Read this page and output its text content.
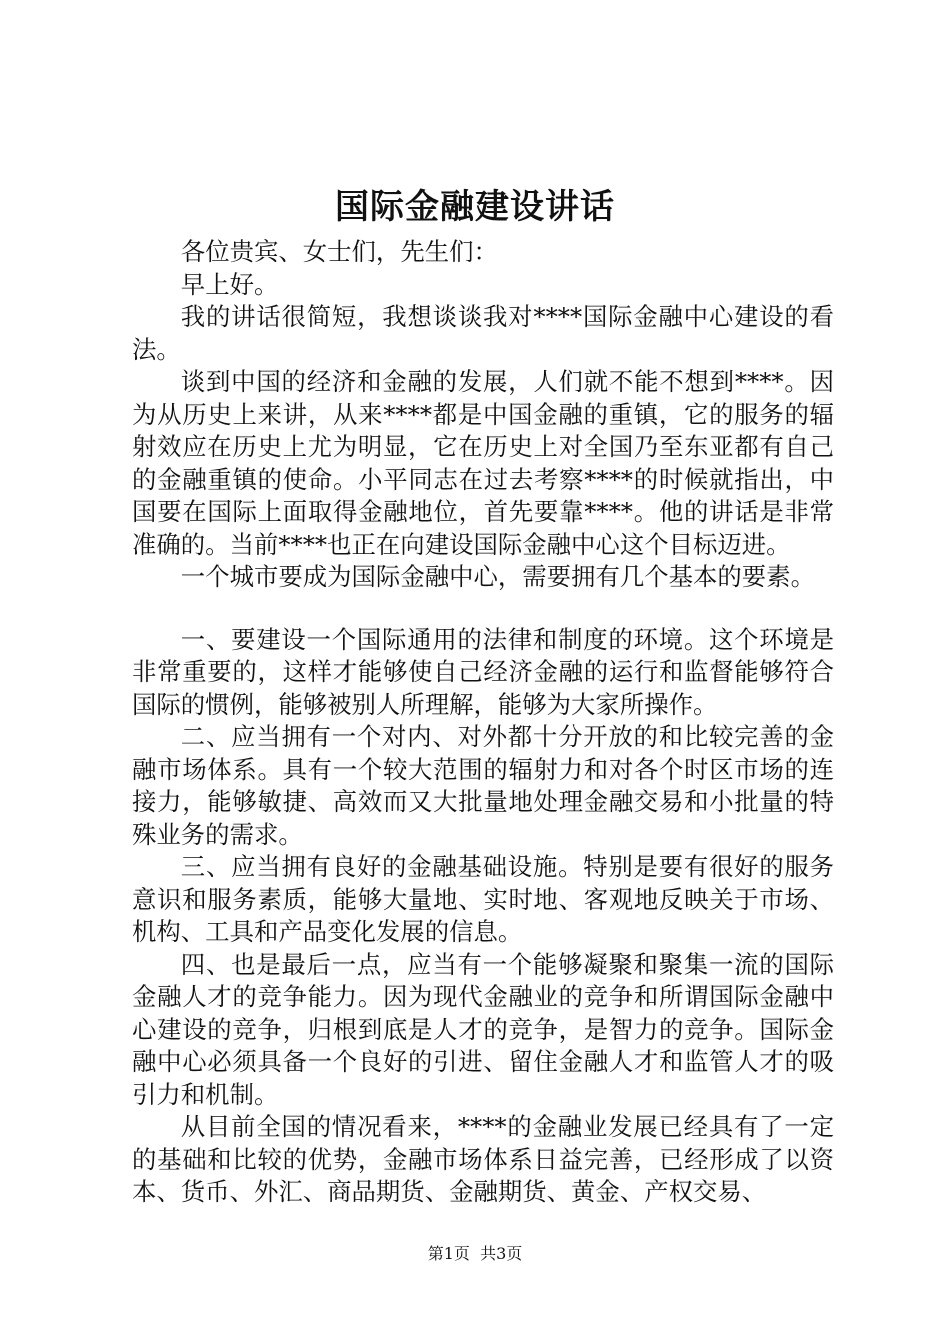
国际金融建设讲话

各位贵宾、女士们，先生们：

早上好。

我的讲话很简短，我想谈谈我对****国际金融中心建设的看法。

谈到中国的经济和金融的发展，人们就不能不想到****。因为从历史上来讲，从来****都是中国金融的重镇，它的服务的辐射效应在历史上尤为明显，它在历史上对全国乃至东亚都有自己的金融重镇的使命。小平同志在过去考察****的时候就指出，中国要在国际上面取得金融地位，首先要靠****。他的讲话是非常准确的。当前****也正在向建设国际金融中心这个目标迈进。

一个城市要成为国际金融中心，需要拥有几个基本的要素。

一、要建设一个国际通用的法律和制度的环境。这个环境是非常重要的，这样才能够使自己经济金融的运行和监督能够符合国际的惯例，能够被别人所理解，能够为大家所操作。

二、应当拥有一个对内、对外都十分开放的和比较完善的金融市场体系。具有一个较大范围的辐射力和对各个时区市场的连接力，能够敏捷、高效而又大批量地处理金融交易和小批量的特殊业务的需求。

三、应当拥有良好的金融基础设施。特别是要有很好的服务意识和服务素质，能够大量地、实时地、客观地反映关于市场、机构、工具和产品变化发展的信息。

四、也是最后一点，应当有一个能够凝聚和聚集一流的国际金融人才的竞争能力。因为现代金融业的竞争和所谓国际金融中心建设的竞争，归根到底是人才的竞争，是智力的竞争。国际金融中心必须具备一个良好的引进、留住金融人才和监管人才的吸引力和机制。

从目前全国的情况看来，****的金融业发展已经具有了一定的基础和比较的优势，金融市场体系日益完善，已经形成了以资本、货币、外汇、商品期货、金融期货、黄金、产权交易、

第1页 共3页
